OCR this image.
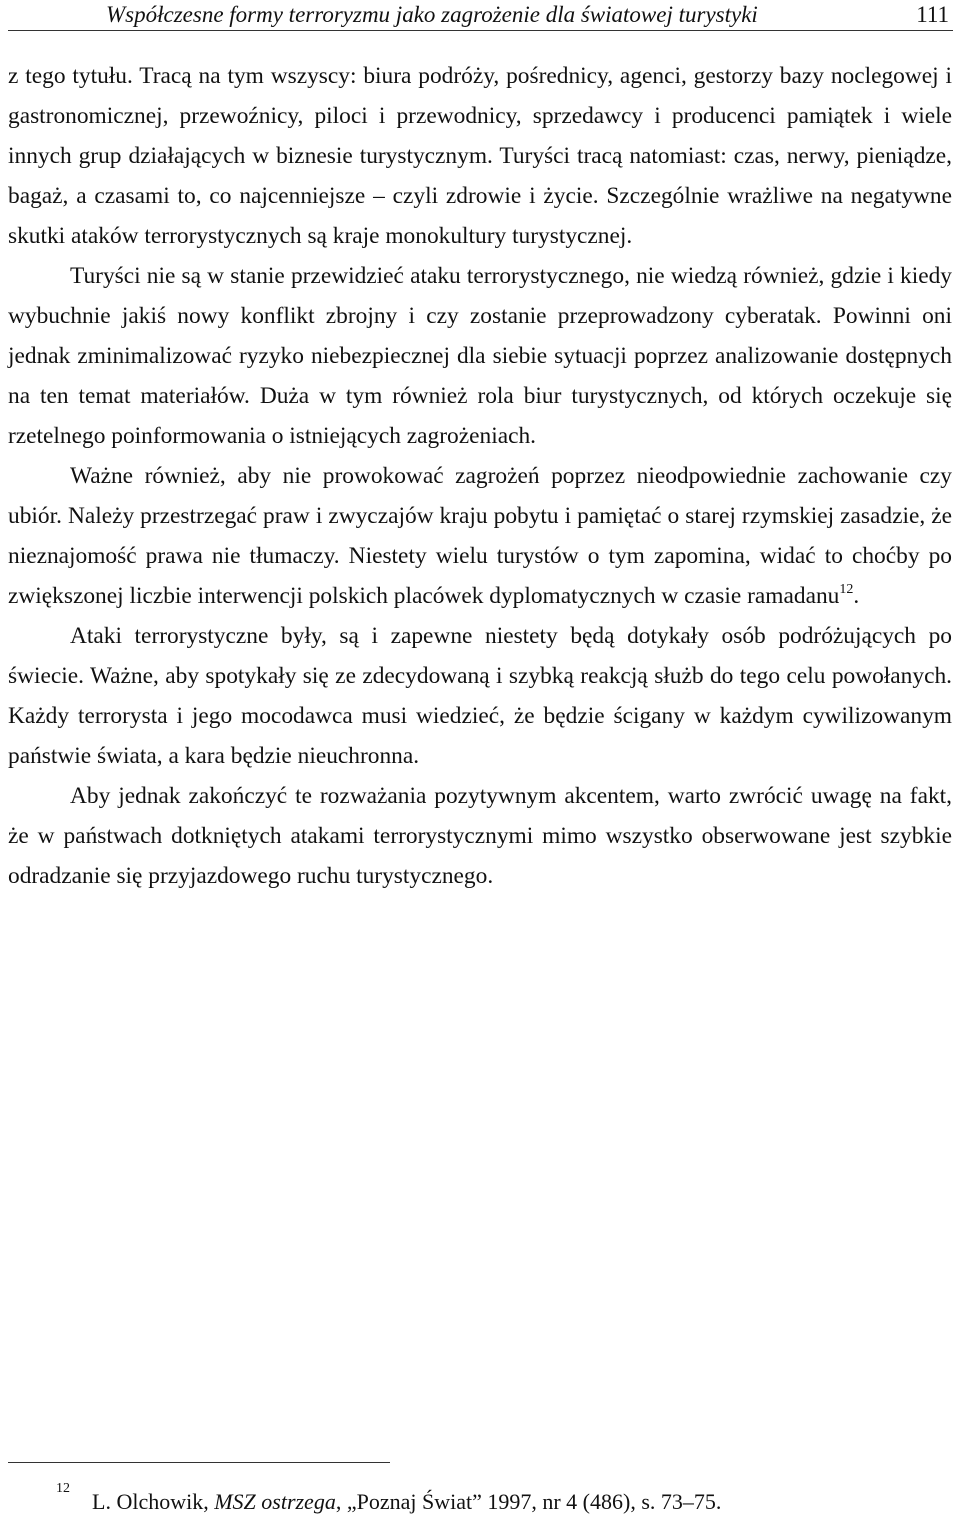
Współczesne formy terroryzmu jako zagrożenie dla światowej turystyki	111

z tego tytułu. Tracą na tym wszyscy: biura podróży, pośrednicy, agenci, gestorzy bazy noclegowej i gastronomicznej, przewoźnicy, piloci i przewodnicy, sprzedawcy i producenci pamiątek i wiele innych grup działających w biznesie turystycznym. Turyści tracą natomiast: czas, nerwy, pieniądze, bagaż, a czasami to, co najcenniejsze – czyli zdrowie i życie. Szczególnie wrażliwe na negatywne skutki ataków terrorystycznych są kraje monokultury turystycznej.

Turyści nie są w stanie przewidzieć ataku terrorystycznego, nie wiedzą również, gdzie i kiedy wybuchnie jakiś nowy konflikt zbrojny i czy zostanie przeprowadzony cyberatak. Powinni oni jednak zminimalizować ryzyko niebezpiecznej dla siebie sytuacji poprzez analizowanie dostępnych na ten temat materiałów. Duża w tym również rola biur turystycznych, od których oczekuje się rzetelnego poinformowania o istniejących zagrożeniach.

Ważne również, aby nie prowokować zagrożeń poprzez nieodpowiednie zachowanie czy ubiór. Należy przestrzegać praw i zwyczajów kraju pobytu i pamiętać o starej rzymskiej zasadzie, że nieznajomość prawa nie tłumaczy. Niestety wielu turystów o tym zapomina, widać to choćby po zwiększonej liczbie interwencji polskich placówek dyplomatycznych w czasie ramadanu$^{12}$.

Ataki terrorystyczne były, są i zapewne niestety będą dotykały osób podróżujących po świecie. Ważne, aby spotykały się ze zdecydowaną i szybką reakcją służb do tego celu powołanych. Każdy terrorysta i jego mocodawca musi wiedzieć, że będzie ścigany w każdym cywilizowanym państwie świata, a kara będzie nieuchronna.

Aby jednak zakończyć te rozważania pozytywnym akcentem, warto zwrócić uwagę na fakt, że w państwach dotkniętych atakami terrorystycznymi mimo wszystko obserwowane jest szybkie odradzanie się przyjazdowego ruchu turystycznego.

12
L. Olchowik, MSZ ostrzega, „Poznaj Świat” 1997, nr 4 (486), s. 73–75.
